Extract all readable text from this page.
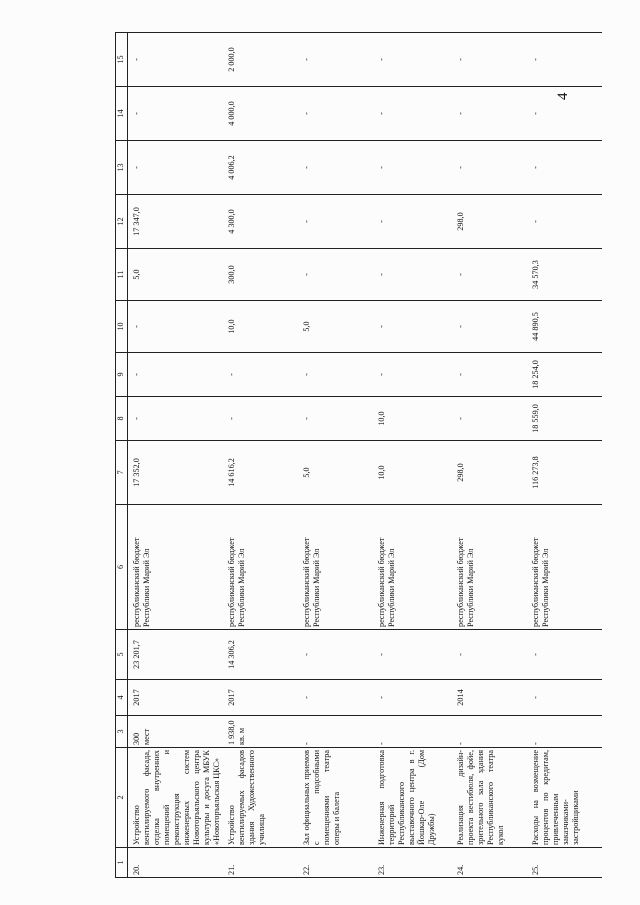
4
1	2	3	4	5	6	7	8	9	10	11	12	13	14	15
20.	Устройство вентилируемого фасада, отделка внутренних помещений и реконструкция инженерных систем Новоторъяльского центра культуры и досуга МБУК «Новоторъяльская ЦКС»	300 мест	2017	23 201,7	республиканский бюджет Республики Марий Эл	17 352,0	-	-	-	5,0	17 347,0	-	-	-
21.	Устройство вентилируемых фасадов здания Художественного училища	1 938,0 кв. м	2017	14 306,2	республиканский бюджет Республики Марий Эл	14 616,2	-	-	10,0	300,0	4 300,0	4 006,2	4 000,0	2 000,0
22.	Зал официальных приемов с подсобными помещениями театра оперы и балета	-	-	-	республиканский бюджет Республики Марий Эл	5,0	-	-	5,0	-	-	-	-	-
23.	Инженерная подготовка территорий Республиканского выставочного центра в г. Йошкар-Оле (Дом Дружбы)	-	-	-	республиканский бюджет Республики Марий Эл	10,0	10,0	-	-	-	-	-	-	-
24.	Реализация дизайн-проекта вестибюля, фойе, зрительного зала здания Республиканского театра кукол	-	2014	-	республиканский бюджет Республики Марий Эл	298,0	-	-	-	-	298,0	-	-	-
25.	Расходы на возмещение процентов по кредитам, привлеченным заказчиками-застройщиками	-	-	-	республиканский бюджет Республики Марий Эл	116 273,8	18 559,0	18 254,0	44 890,5	34 570,3	-	-	-	-
